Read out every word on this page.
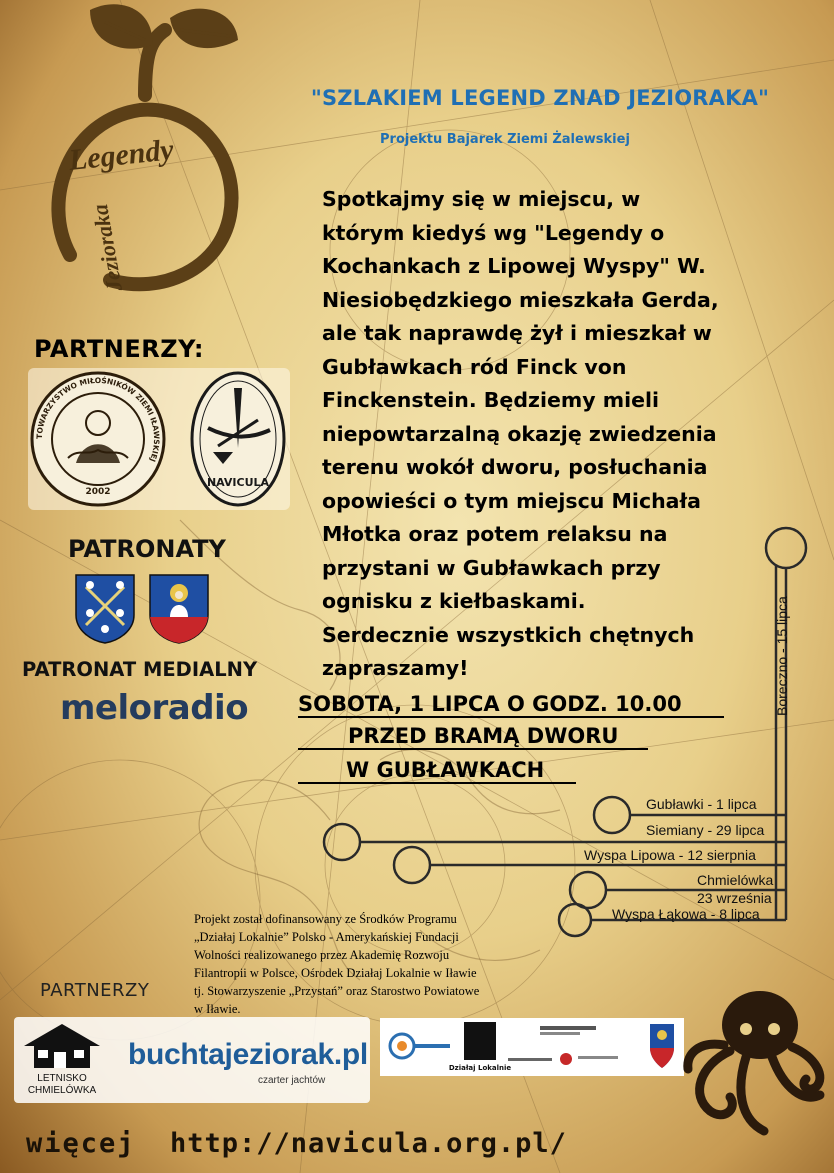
Legendy
Jezioraka
"SZLAKIEM LEGEND ZNAD JEZIORAKA"
Projektu Bajarek Ziemi Żalewskiej
Spotkajmy się w miejscu, w
którym kiedyś wg "Legendy o
Kochankach z Lipowej Wyspy" W.
Niesiobędzkiego mieszkała Gerda,
ale tak naprawdę żył i mieszkał w
Gubławkach ród Finck von
Finckenstein. Będziemy mieli
niepowtarzalną okazję zwiedzenia
terenu wokół dworu, posłuchania
opowieści o tym miejscu Michała
Młotka oraz potem relaksu na
przystani w Gubławkach przy
ognisku z kiełbaskami.
Serdecznie wszystkich chętnych
zapraszamy!
PARTNERZY:
TOWARZYSTWO MIŁOŚNIKÓW ZIEMI IŁAWSKIEJ
2002
NAVICULA
PATRONATY
PATRONAT MEDIALNY
meloradio SOBOTA, 1 LIPCA O GODZ. 10.00
PRZED BRAMĄ DWORU
W GUBŁAWKACH
Boreczno - 15 lipca
Gubławki - 1 lipca
Siemiany - 29 lipca
Wyspa Lipowa - 12 sierpnia
Chmielówka
23 września
Wyspa Łąkowa - 8 lipca
Projekt został dofinansowany ze Środków Programu
„Działaj Lokalnie” Polsko - Amerykańskiej Fundacji
Wolności realizowanego przez Akademię Rozwoju
Filantropii w Polsce, Ośrodek Działaj Lokalnie w Iławie
tj. Stowarzyszenie „Przystań” oraz Starostwo Powiatowe
w Iławie.
PARTNERZY
LETNISKO
CHMIELÓWKA
buchtajeziorak.pl
czarter jachtów
Działaj Lokalnie
więcej http://navicula.org.pl/
